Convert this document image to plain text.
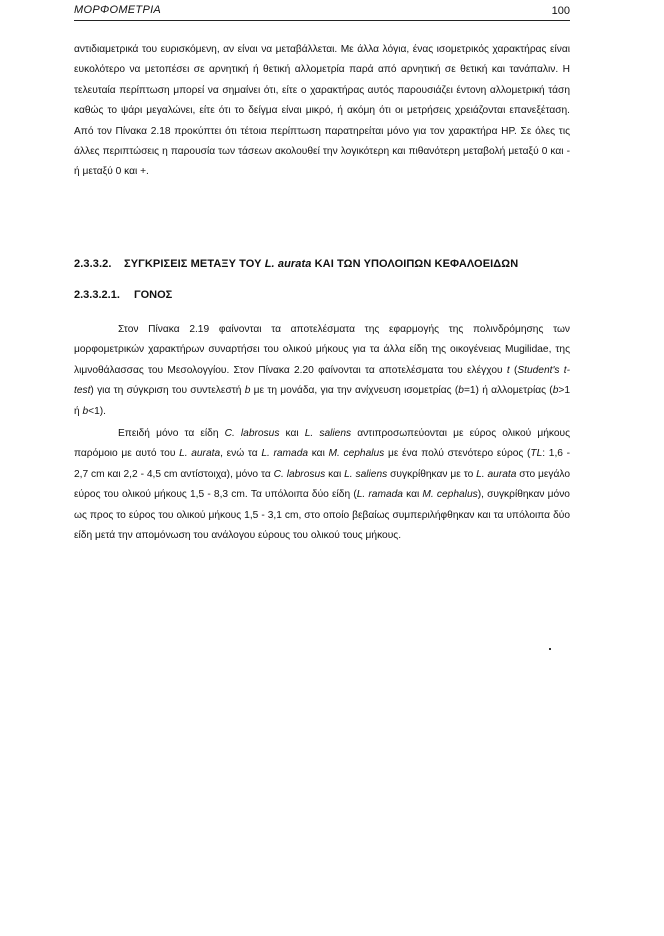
ΜΟΡΦΟΜΕΤΡΙΑ	100

αντιδιαμετρικά του ευρισκόμενη, αν είναι να μεταβάλλεται. Με άλλα λόγια, ένας ισομετρικός χαρακτήρας είναι ευκολότερο να μετοπέσει σε αρνητική ή θετική αλλομετρία παρά από αρνητική σε θετική και τανάπαλιν. Η τελευταία περίπτωση μπορεί να σημαίνει ότι, είτε ο χαρακτήρας αυτός παρουσιάζει έντονη αλλομετρική τάση καθώς το ψάρι μεγαλώνει, είτε ότι το δείγμα είναι μικρό, ή ακόμη ότι οι μετρήσεις χρειάζονται επανεξέταση. Από τον Πίνακα 2.18 προκύπτει ότι τέτοια περίπτωση παρατηρείται μόνο για τον χαρακτήρα HP. Σε όλες τις άλλες περιπτώσεις η παρουσία των τάσεων ακολουθεί την λογικότερη και πιθανότερη μεταβολή μεταξύ 0 και - ή μεταξύ 0 και +.

2.3.3.2. ΣΥΓΚΡΙΣΕΙΣ ΜΕΤΑΞΥ ΤΟΥ L. aurata ΚΑΙ ΤΩΝ ΥΠΟΛΟΙΠΩΝ ΚΕΦΑΛΟΕΙΔΩΝ
2.3.3.2.1. ΓΟΝΟΣ

Στον Πίνακα 2.19 φαίνονται τα αποτελέσματα της εφαρμογής της πολινδρόμησης των μορφομετρικών χαρακτήρων συναρτήσει του ολικού μήκους για τα άλλα είδη της οικογένειας Mugilidae, της λιμνοθάλασσας του Μεσολογγίου. Στον Πίνακα 2.20 φαίνονται τα αποτελέσματα του ελέγχου t (Student's t-test) για τη σύγκριση του συντελεστή b με τη μονάδα, για την ανίχνευση ισομετρίας (b=1) ή αλλομετρίας (b>1 ή b<1).

Επειδή μόνο τα είδη C. labrosus και L. saliens αντιπροσωπεύονται με εύρος ολικού μήκους παρόμοιο με αυτό του L. aurata, ενώ τα L. ramada και M. cephalus με ένα πολύ στενότερο εύρος (TL: 1,6 - 2,7 cm και 2,2 - 4,5 cm αντίστοιχα), μόνο τα C. labrosus και L. saliens συγκρίθηκαν με το L. aurata στο μεγάλο εύρος του ολικού μήκους 1,5 - 8,3 cm. Τα υπόλοιπα δύο είδη (L. ramada και M. cephalus), συγκρίθηκαν μόνο ως προς το εύρος του ολικού μήκους 1,5 - 3,1 cm, στο οποίο βεβαίως συμπεριλήφθηκαν και τα υπόλοιπα δύο είδη μετά την απομόνωση του ανάλογου εύρους του ολικού τους μήκους.
